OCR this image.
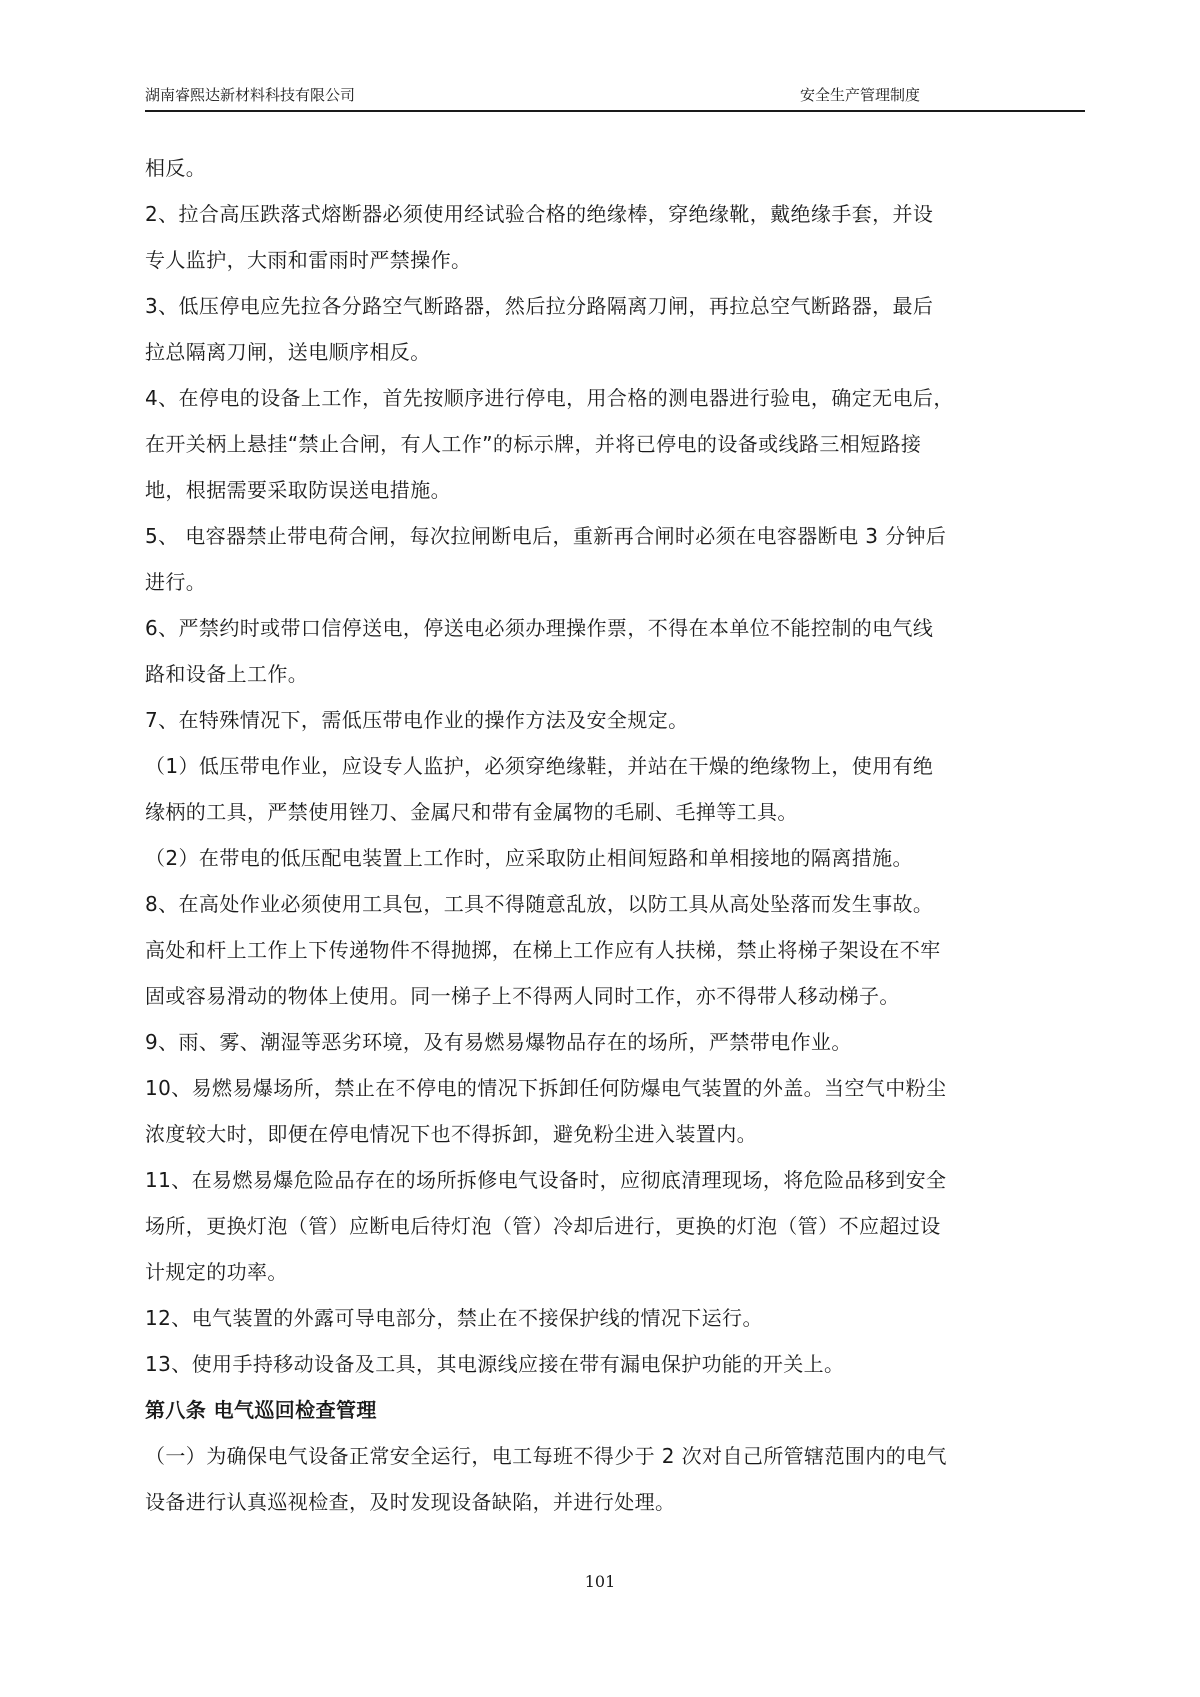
湖南睿熙达新材料科技有限公司	安全生产管理制度

相反。

2、拉合高压跌落式熔断器必须使用经试验合格的绝缘棒，穿绝缘靴，戴绝缘手套，并设

专人监护，大雨和雷雨时严禁操作。

3、低压停电应先拉各分路空气断路器，然后拉分路隔离刀闸，再拉总空气断路器，最后

拉总隔离刀闸，送电顺序相反。

4、在停电的设备上工作，首先按顺序进行停电，用合格的测电器进行验电，确定无电后，

在开关柄上悬挂“禁止合闸，有人工作”的标示牌，并将已停电的设备或线路三相短路接

地，根据需要采取防误送电措施。

5、 电容器禁止带电荷合闸，每次拉闸断电后，重新再合闸时必须在电容器断电 3 分钟后

进行。

6、严禁约时或带口信停送电，停送电必须办理操作票，不得在本单位不能控制的电气线

路和设备上工作。

7、在特殊情况下，需低压带电作业的操作方法及安全规定。

（1）低压带电作业，应设专人监护，必须穿绝缘鞋，并站在干燥的绝缘物上，使用有绝

缘柄的工具，严禁使用锉刀、金属尺和带有金属物的毛刷、毛掸等工具。

（2）在带电的低压配电装置上工作时，应采取防止相间短路和单相接地的隔离措施。

8、在高处作业必须使用工具包，工具不得随意乱放，以防工具从高处坠落而发生事故。

高处和杆上工作上下传递物件不得抛掷，在梯上工作应有人扶梯，禁止将梯子架设在不牢

固或容易滑动的物体上使用。同一梯子上不得两人同时工作，亦不得带人移动梯子。

9、雨、雾、潮湿等恶劣环境，及有易燃易爆物品存在的场所，严禁带电作业。

10、易燃易爆场所，禁止在不停电的情况下拆卸任何防爆电气装置的外盖。当空气中粉尘

浓度较大时，即便在停电情况下也不得拆卸，避免粉尘进入装置内。

11、在易燃易爆危险品存在的场所拆修电气设备时，应彻底清理现场，将危险品移到安全

场所，更换灯泡（管）应断电后待灯泡（管）冷却后进行，更换的灯泡（管）不应超过设

计规定的功率。

12、电气装置的外露可导电部分，禁止在不接保护线的情况下运行。

13、使用手持移动设备及工具，其电源线应接在带有漏电保护功能的开关上。

第八条 电气巡回检查管理

（一）为确保电气设备正常安全运行，电工每班不得少于 2 次对自己所管辖范围内的电气

设备进行认真巡视检查，及时发现设备缺陷，并进行处理。

101
